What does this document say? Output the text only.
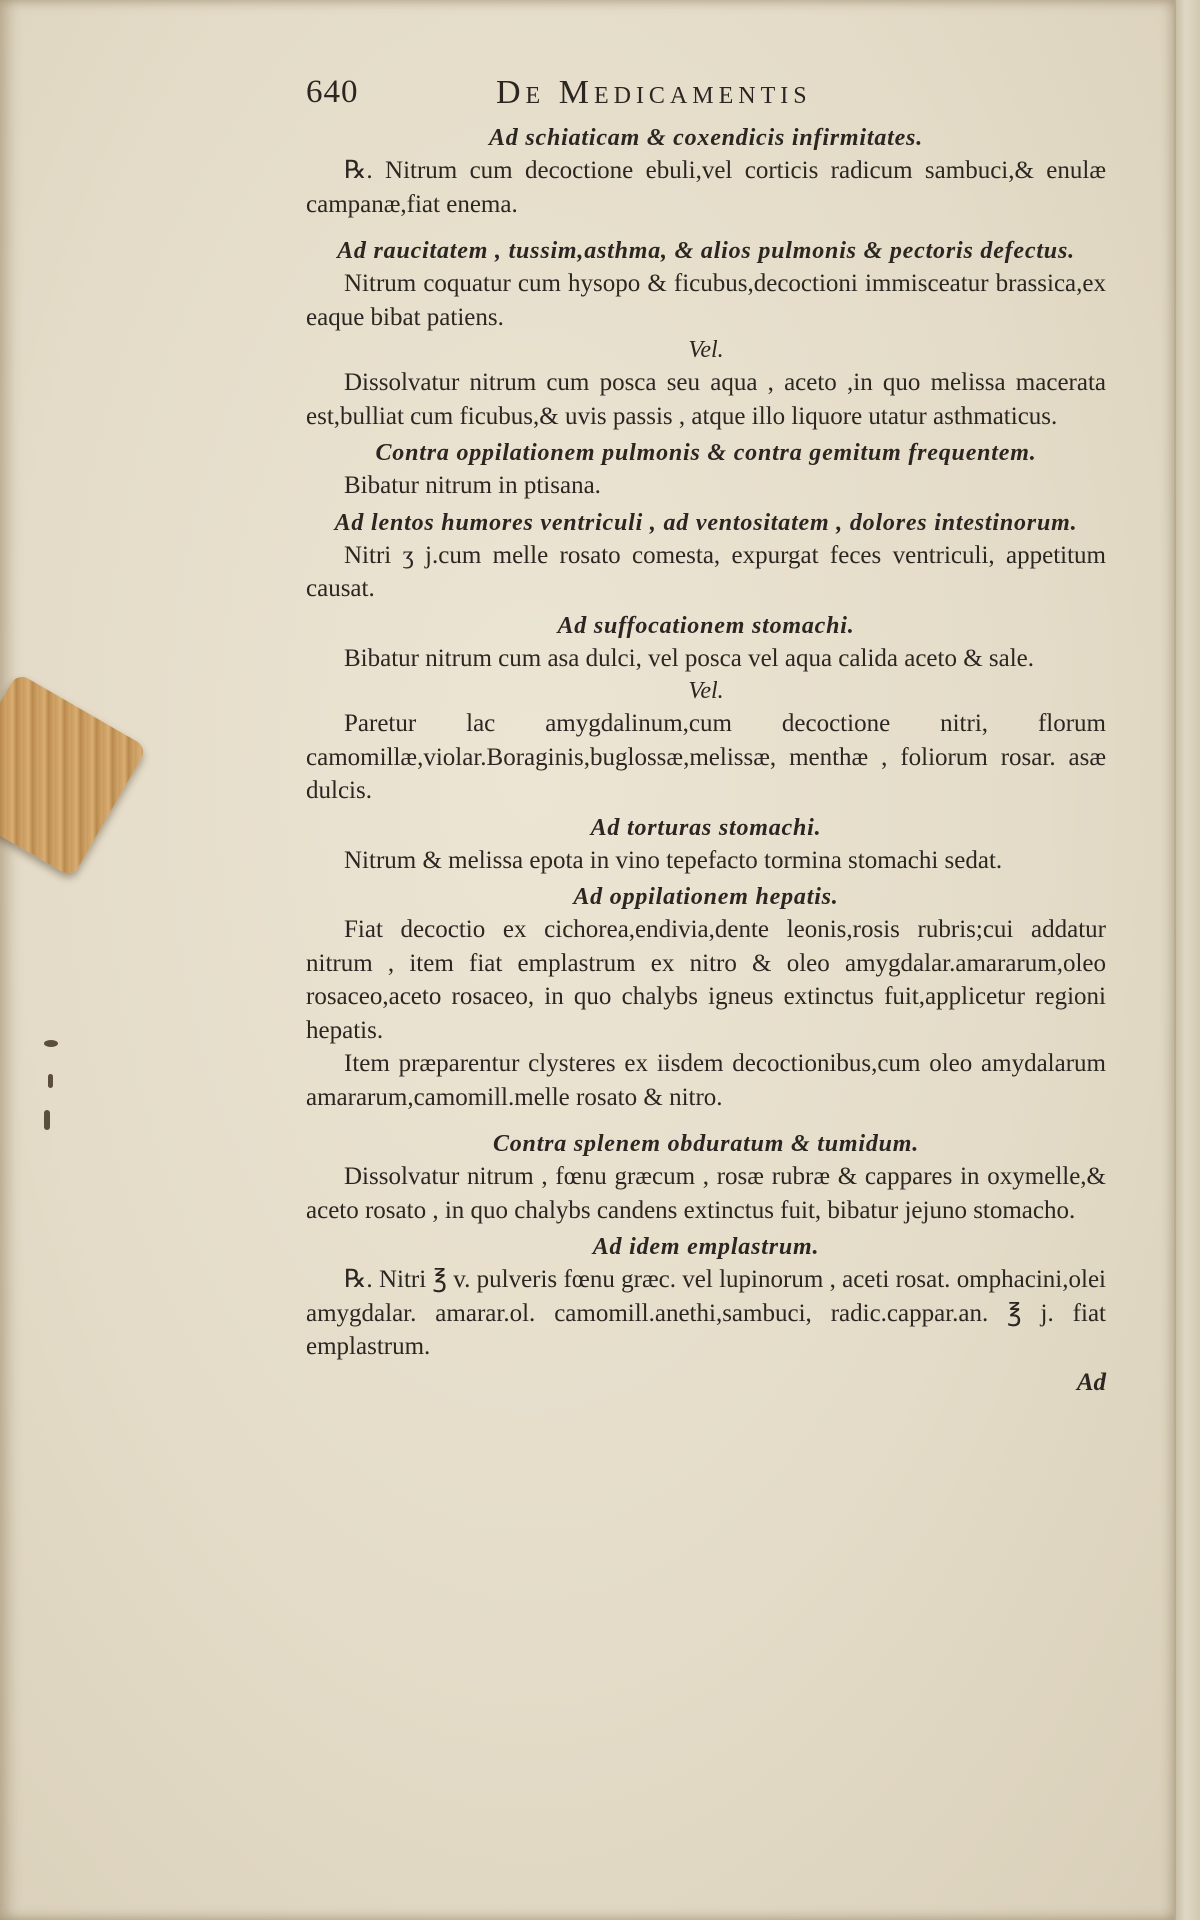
640	De Medicamentis
Ad schiaticam & coxendicis infirmitates.

℞. Nitrum cum decoctione ebuli,vel corticis radicum sambuci,& enulæ campanæ,fiat enema.

Ad raucitatem , tussim,asthma, & alios pulmonis & pectoris defectus.

Nitrum coquatur cum hysopo & ficubus,decoctioni immisceatur brassica,ex eaque bibat patiens.

Vel.

Dissolvatur nitrum cum posca seu aqua , aceto ,in quo melissa macerata est,bulliat cum ficubus,& uvis passis , atque illo liquore utatur asthmaticus.

Contra oppilationem pulmonis & contra gemitum frequentem.

Bibatur nitrum in ptisana.

Ad lentos humores ventriculi , ad ventositatem , dolores intestinorum.

Nitri ʒ j.cum melle rosato comesta, expurgat feces ventriculi, appetitum causat.

Ad suffocationem stomachi.

Bibatur nitrum cum asa dulci, vel posca vel aqua calida aceto & sale.

Vel.

Paretur lac amygdalinum,cum decoctione nitri, florum camomillæ,violar.Boraginis,buglossæ,melissæ, menthæ , foliorum rosar. asæ dulcis.

Ad torturas stomachi.

Nitrum & melissa epota in vino tepefacto tormina stomachi sedat.

Ad oppilationem hepatis.

Fiat decoctio ex cichorea,endivia,dente leonis,rosis rubris;cui addatur nitrum , item fiat emplastrum ex nitro & oleo amygdalar.amararum,oleo rosaceo,aceto rosaceo, in quo chalybs igneus extinctus fuit,applicetur regioni hepatis.

Item præparentur clysteres ex iisdem decoctionibus,cum oleo amydalarum amararum,camomill.melle rosato & nitro.

Contra splenem obduratum & tumidum.

Dissolvatur nitrum , fœnu græcum , rosæ rubræ & cappares in oxymelle,& aceto rosato , in quo chalybs candens extinctus fuit, bibatur jejuno stomacho.

Ad idem emplastrum.

℞. Nitri ℥ v. pulveris fœnu græc. vel lupinorum , aceti rosat. omphacini,olei amygdalar. amarar.ol. camomill.anethi,sambuci, radic.cappar.an. ℥ j. fiat emplastrum.

Ad
